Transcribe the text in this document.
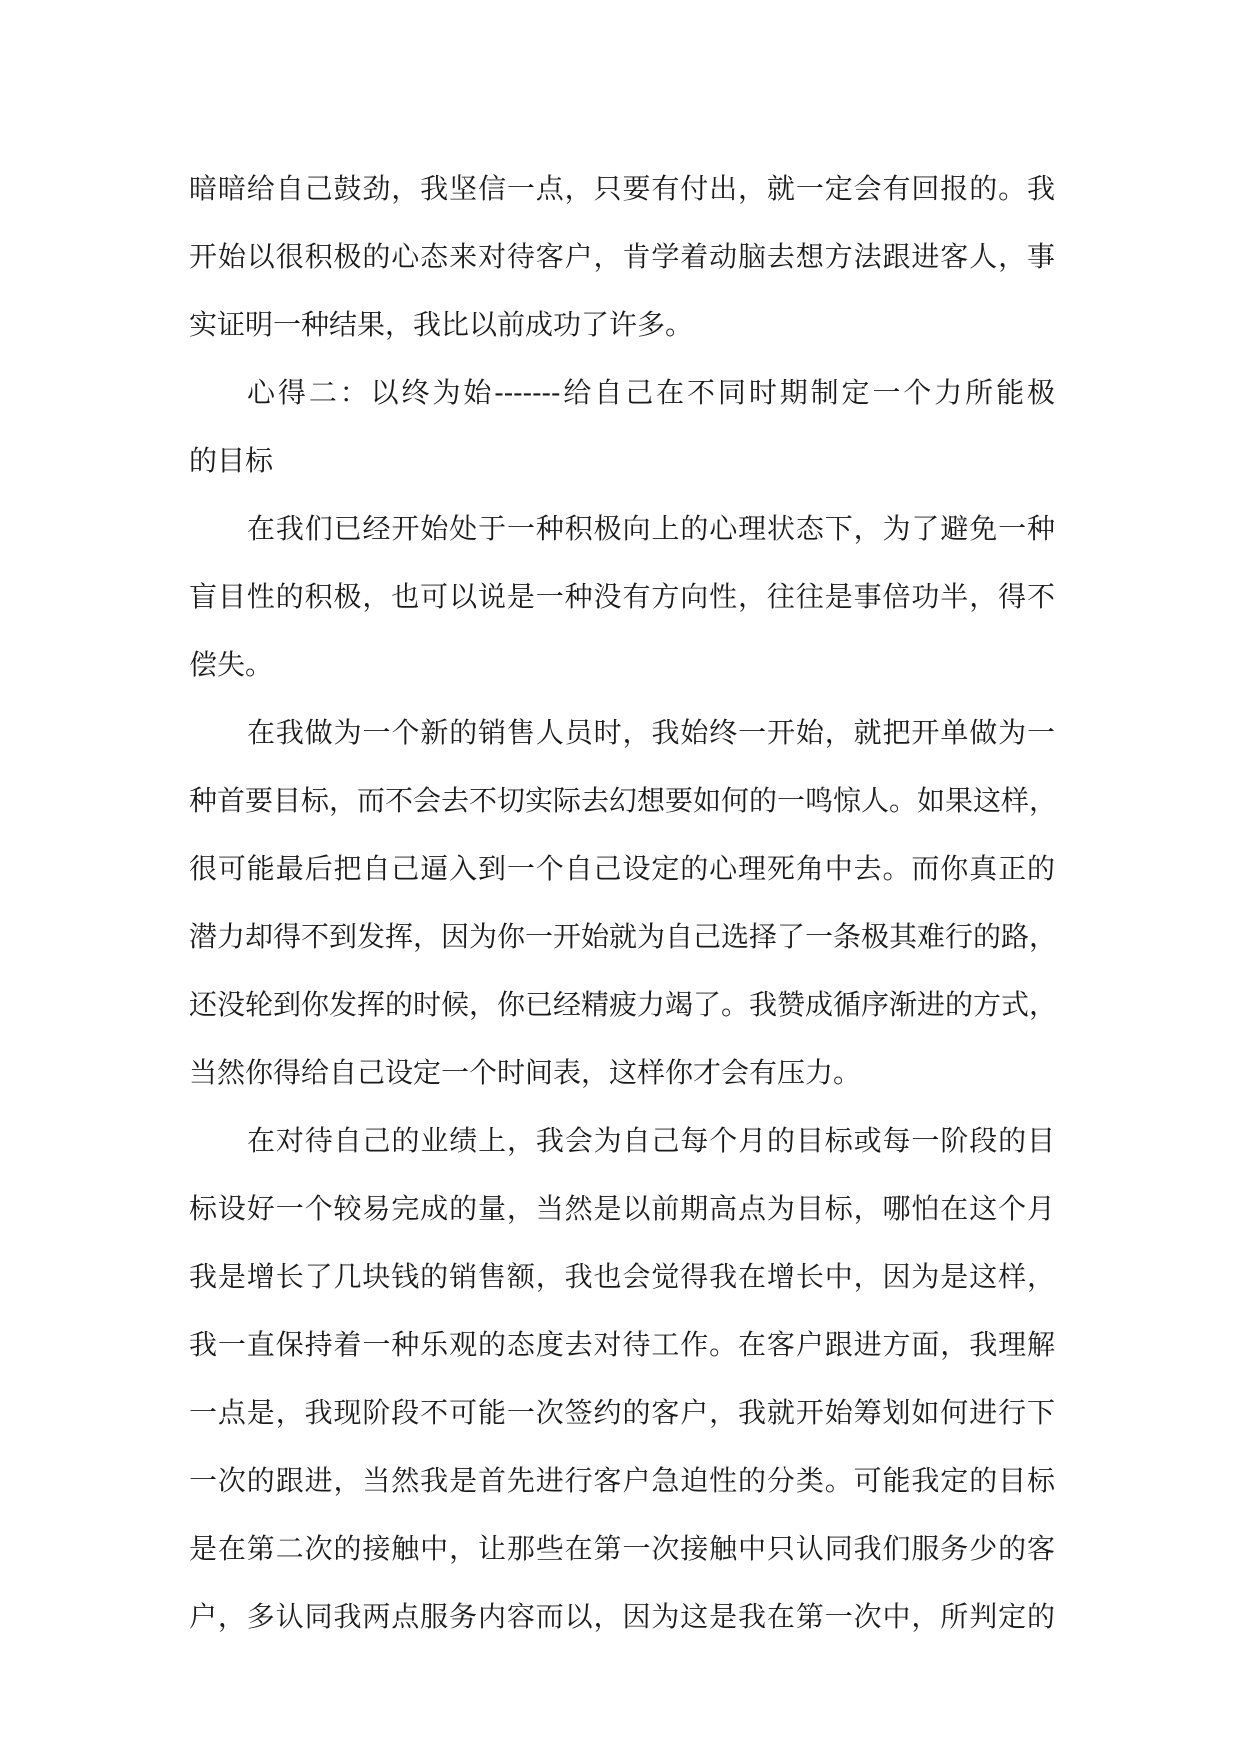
暗暗给自己鼓劲，我坚信一点，只要有付出，就一定会有回报的。我
开始以很积极的心态来对待客户，肯学着动脑去想方法跟进客人，事
实证明一种结果，我比以前成功了许多。
心得二：以终为始-------给自己在不同时期制定一个力所能极
的目标
在我们已经开始处于一种积极向上的心理状态下，为了避免一种
盲目性的积极，也可以说是一种没有方向性，往往是事倍功半，得不
偿失。
在我做为一个新的销售人员时，我始终一开始，就把开单做为一
种首要目标，而不会去不切实际去幻想要如何的一鸣惊人。如果这样，
很可能最后把自己逼入到一个自己设定的心理死角中去。而你真正的
潜力却得不到发挥，因为你一开始就为自己选择了一条极其难行的路，
还没轮到你发挥的时候，你已经精疲力竭了。我赞成循序渐进的方式，
当然你得给自己设定一个时间表，这样你才会有压力。
在对待自己的业绩上，我会为自己每个月的目标或每一阶段的目
标设好一个较易完成的量，当然是以前期高点为目标，哪怕在这个月
我是增长了几块钱的销售额，我也会觉得我在增长中，因为是这样，
我一直保持着一种乐观的态度去对待工作。在客户跟进方面，我理解
一点是，我现阶段不可能一次签约的客户，我就开始筹划如何进行下
一次的跟进，当然我是首先进行客户急迫性的分类。可能我定的目标
是在第二次的接触中，让那些在第一次接触中只认同我们服务少的客
户，多认同我两点服务内容而以，因为这是我在第一次中，所判定的
